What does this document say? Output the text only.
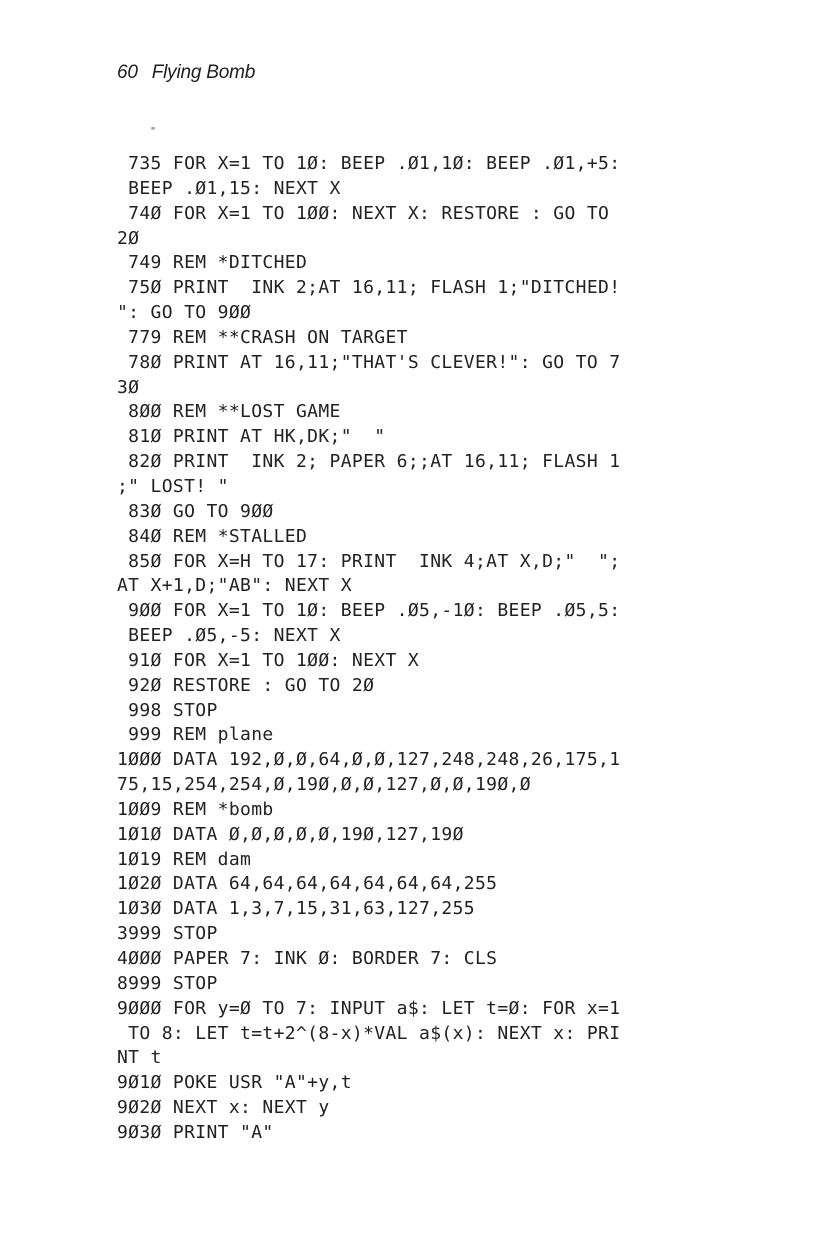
60 Flying Bomb
"
735 FOR X=1 TO 1Ø: BEEP .Ø1,1Ø: BEEP .Ø1,+5:
BEEP .Ø1,15: NEXT X
74Ø FOR X=1 TO 1ØØ: NEXT X: RESTORE : GO TO
2Ø
749 REM *DITCHED
75Ø PRINT  INK 2;AT 16,11; FLASH 1;"DITCHED!
": GO TO 9ØØ
779 REM **CRASH ON TARGET
78Ø PRINT AT 16,11;"THAT'S CLEVER!": GO TO 7
3Ø
8ØØ REM **LOST GAME
81Ø PRINT AT HK,DK;"  "
82Ø PRINT  INK 2; PAPER 6;;AT 16,11; FLASH 1
;" LOST! "
83Ø GO TO 9ØØ
84Ø REM *STALLED
85Ø FOR X=H TO 17: PRINT  INK 4;AT X,D;"  ";
AT X+1,D;"AB": NEXT X
9ØØ FOR X=1 TO 1Ø: BEEP .Ø5,-1Ø: BEEP .Ø5,5:
BEEP .Ø5,-5: NEXT X
91Ø FOR X=1 TO 1ØØ: NEXT X
92Ø RESTORE : GO TO 2Ø
998 STOP
999 REM plane
1ØØØ DATA 192,Ø,Ø,64,Ø,Ø,127,248,248,26,175,1
75,15,254,254,Ø,19Ø,Ø,Ø,127,Ø,Ø,19Ø,Ø
1ØØ9 REM *bomb
1Ø1Ø DATA Ø,Ø,Ø,Ø,Ø,19Ø,127,19Ø
1Ø19 REM dam
1Ø2Ø DATA 64,64,64,64,64,64,64,255
1Ø3Ø DATA 1,3,7,15,31,63,127,255
3999 STOP
4ØØØ PAPER 7: INK Ø: BORDER 7: CLS
8999 STOP
9ØØØ FOR y=Ø TO 7: INPUT a$: LET t=Ø: FOR x=1
TO 8: LET t=t+2^(8-x)*VAL a$(x): NEXT x: PRI
NT t
9Ø1Ø POKE USR "A"+y,t
9Ø2Ø NEXT x: NEXT y
9Ø3Ø PRINT "A"
